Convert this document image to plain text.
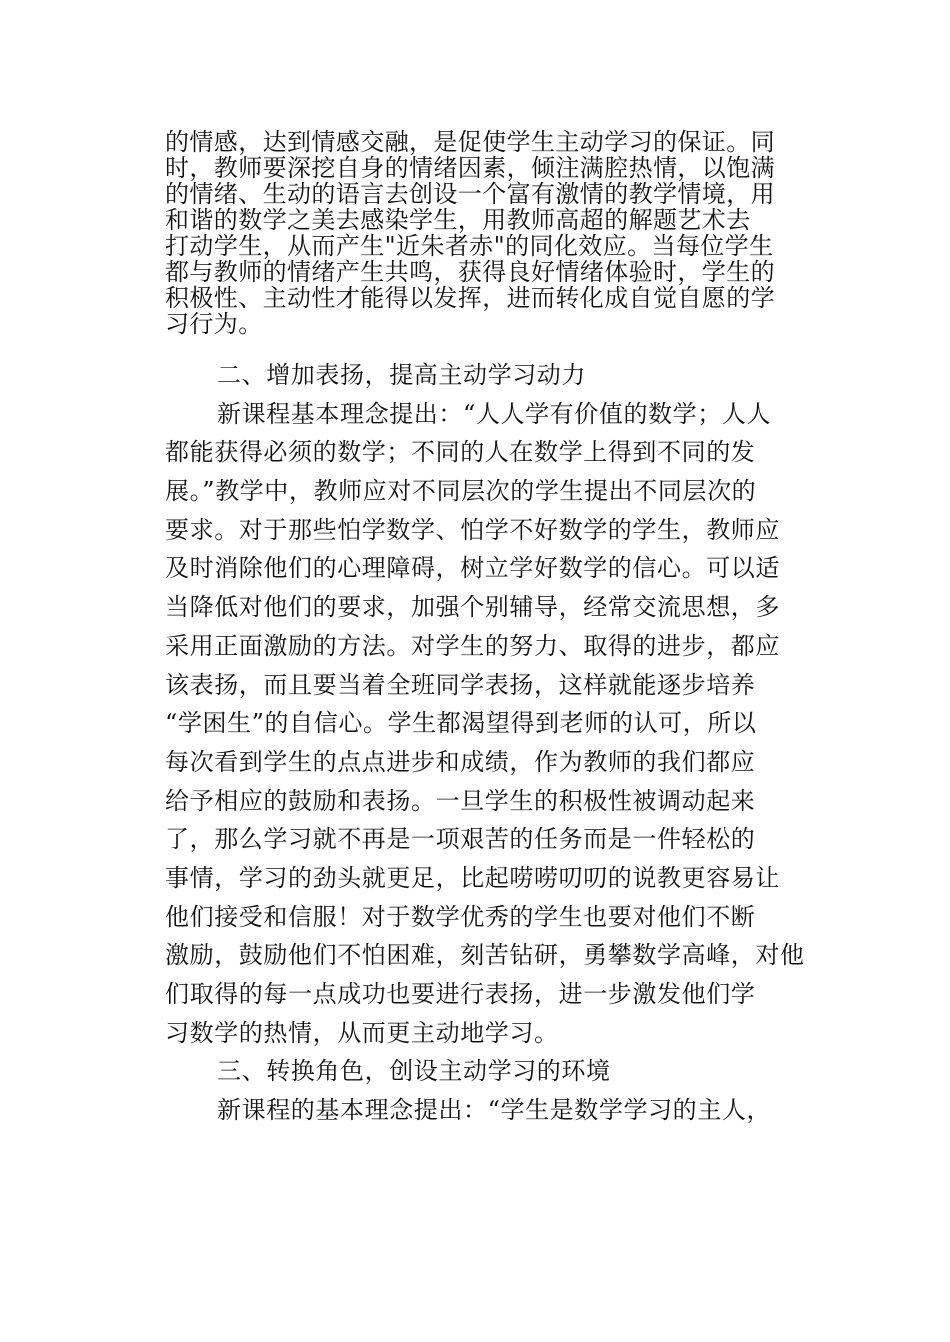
的情感，达到情感交融，是促使学生主动学习的保证。同
时，教师要深挖自身的情绪因素，倾注满腔热情，以饱满
的情绪、生动的语言去创设一个富有激情的教学情境，用
和谐的数学之美去感染学生，用教师高超的解题艺术去
打动学生，从而产生"近朱者赤"的同化效应。当每位学生
都与教师的情绪产生共鸣，获得良好情绪体验时，学生的
积极性、主动性才能得以发挥，进而转化成自觉自愿的学
习行为。
二、增加表扬，提高主动学习动力
新课程基本理念提出：“人人学有价值的数学；人人
都能获得必须的数学；不同的人在数学上得到不同的发
展。”教学中，教师应对不同层次的学生提出不同层次的
要求。对于那些怕学数学、怕学不好数学的学生，教师应
及时消除他们的心理障碍，树立学好数学的信心。可以适
当降低对他们的要求，加强个别辅导，经常交流思想，多
采用正面激励的方法。对学生的努力、取得的进步，都应
该表扬，而且要当着全班同学表扬，这样就能逐步培养
“学困生”的自信心。学生都渴望得到老师的认可，所以
每次看到学生的点点进步和成绩，作为教师的我们都应
给予相应的鼓励和表扬。一旦学生的积极性被调动起来
了，那么学习就不再是一项艰苦的任务而是一件轻松的
事情，学习的劲头就更足，比起唠唠叨叨的说教更容易让
他们接受和信服！对于数学优秀的学生也要对他们不断
激励，鼓励他们不怕困难，刻苦钻研，勇攀数学高峰，对他
们取得的每一点成功也要进行表扬，进一步激发他们学
习数学的热情，从而更主动地学习。
三、转换角色，创设主动学习的环境
新课程的基本理念提出：“学生是数学学习的主人，
